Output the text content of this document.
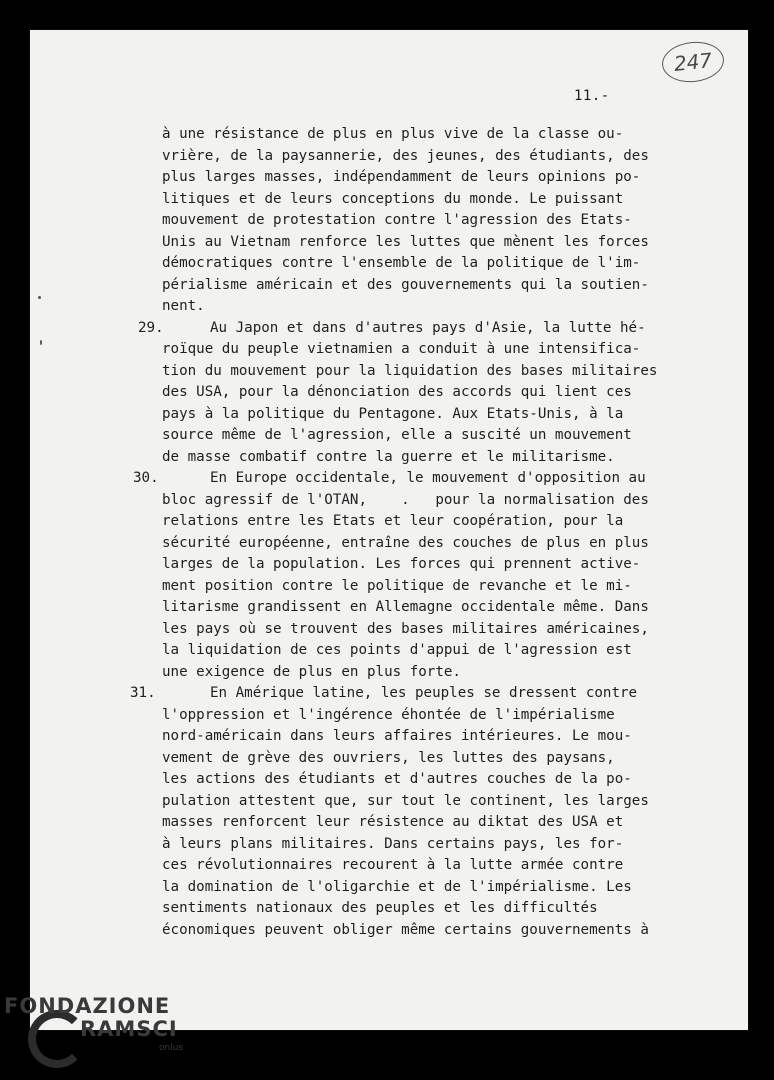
247
11.-
à une résistance de plus en plus vive de la classe ou-
vrière, de la paysannerie, des jeunes, des étudiants, des
plus larges masses, indépendamment de leurs opinions po-
litiques et de leurs conceptions du monde. Le puissant
mouvement de protestation contre l'agression des Etats-
Unis au Vietnam renforce les luttes que mènent les forces
démocratiques contre l'ensemble de la politique de l'im-
périalisme américain et des gouvernements qui la soutien-
nent.
29.	Au Japon et dans d'autres pays d'Asie, la lutte hé-
roïque du peuple vietnamien a conduit à une intensifica-
tion du mouvement pour la liquidation des bases militaires
des USA, pour la dénonciation des accords qui lient ces
pays à la politique du Pentagone. Aux Etats-Unis, à la
source même de l'agression, elle a suscité un mouvement
de masse combatif contre la guerre et le militarisme.
30.	En Europe occidentale, le mouvement d'opposition au
bloc agressif de l'OTAN,    .   pour la normalisation des
relations entre les Etats et leur coopération, pour la
sécurité européenne, entraîne des couches de plus en plus
larges de la population. Les forces qui prennent active-
ment position contre le politique de revanche et le mi-
litarisme grandissent en Allemagne occidentale même. Dans
les pays où se trouvent des bases militaires américaines,
la liquidation de ces points d'appui de l'agression est
une exigence de plus en plus forte.
31.	En Amérique latine, les peuples se dressent contre
l'oppression et l'ingérence éhontée de l'impérialisme
nord-américain dans leurs affaires intérieures. Le mou-
vement de grève des ouvriers, les luttes des paysans,
les actions des étudiants et d'autres couches de la po-
pulation attestent que, sur tout le continent, les larges
masses renforcent leur résistence au diktat des USA et
à leurs plans militaires. Dans certains pays, les for-
ces révolutionnaires recourent à la lutte armée contre
la domination de l'oligarchie et de l'impérialisme. Les
sentiments nationaux des peuples et les difficultés
économiques peuvent obliger même certains gouvernements à
FONDAZIONE
RAMSCI
onlus
